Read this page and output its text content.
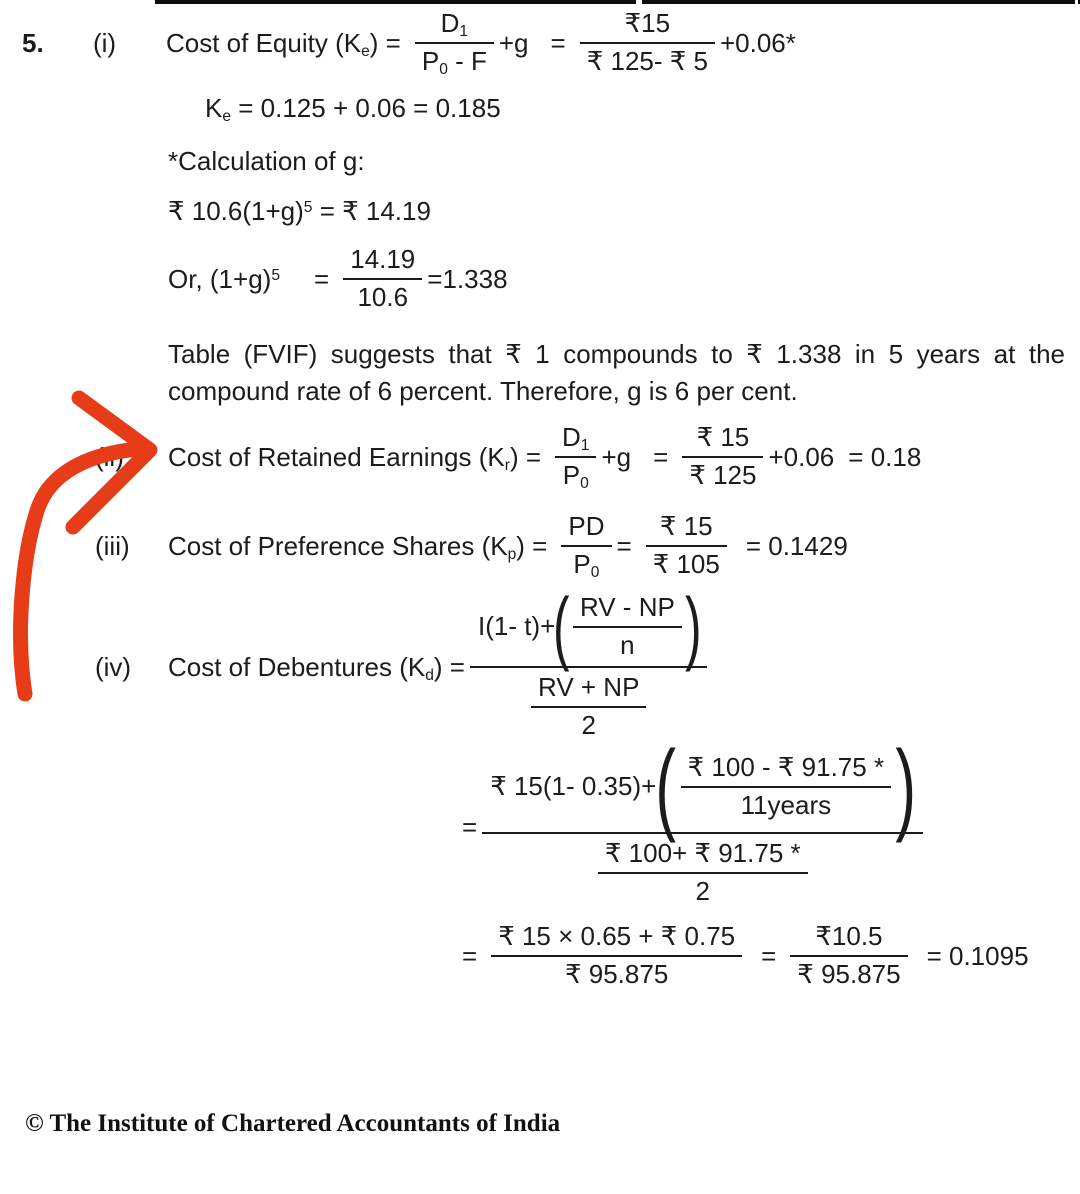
5.	(i)	Cost of Equity $(Ke) = \frac{D1}{P0 - F} +g = \frac{₹15}{₹ 125- ₹ 5} +0.06*$
Ke = 0.125 + 0.06 = 0.185
*Calculation of g:
₹ $10.6(1+g)^5$ = ₹ 14.19
Or, $(1+g)^5 = \frac{14.19}{10.6} =1.338$
Table (FVIF) suggests that ₹ 1 compounds to ₹ 1.338 in 5 years at the compound rate of 6 percent. Therefore, g is 6 per cent.
(ii)	Cost of Retained Earnings $(Kr) = \frac{D1}{P0} +g = \frac{₹ 15}{₹ 125} +0.06 = 0.18$
(iii)	Cost of Preference Shares $(Kp) = \frac{PD}{P0} = \frac{₹ 15}{₹ 105} = 0.1429$
(iv)	Cost of Debentures (Kd) =
I(1- t)+
( $\frac{RV - NP}{n}$ )
$\frac{RV + NP}{2}$
=
₹ 15(1- 0.35)+ ( $\frac{₹ 100 - ₹ 91.75 *}{\text{11years}}$ )
$\frac{₹ 100+ ₹ 91.75 *}{2}$
= $\frac{₹ 15 \times 0.65 + ₹ 0.75}{₹ 95.875} = \frac{₹10.5}{₹ 95.875} = 0.1095$
© The Institute of Chartered Accountants of India
